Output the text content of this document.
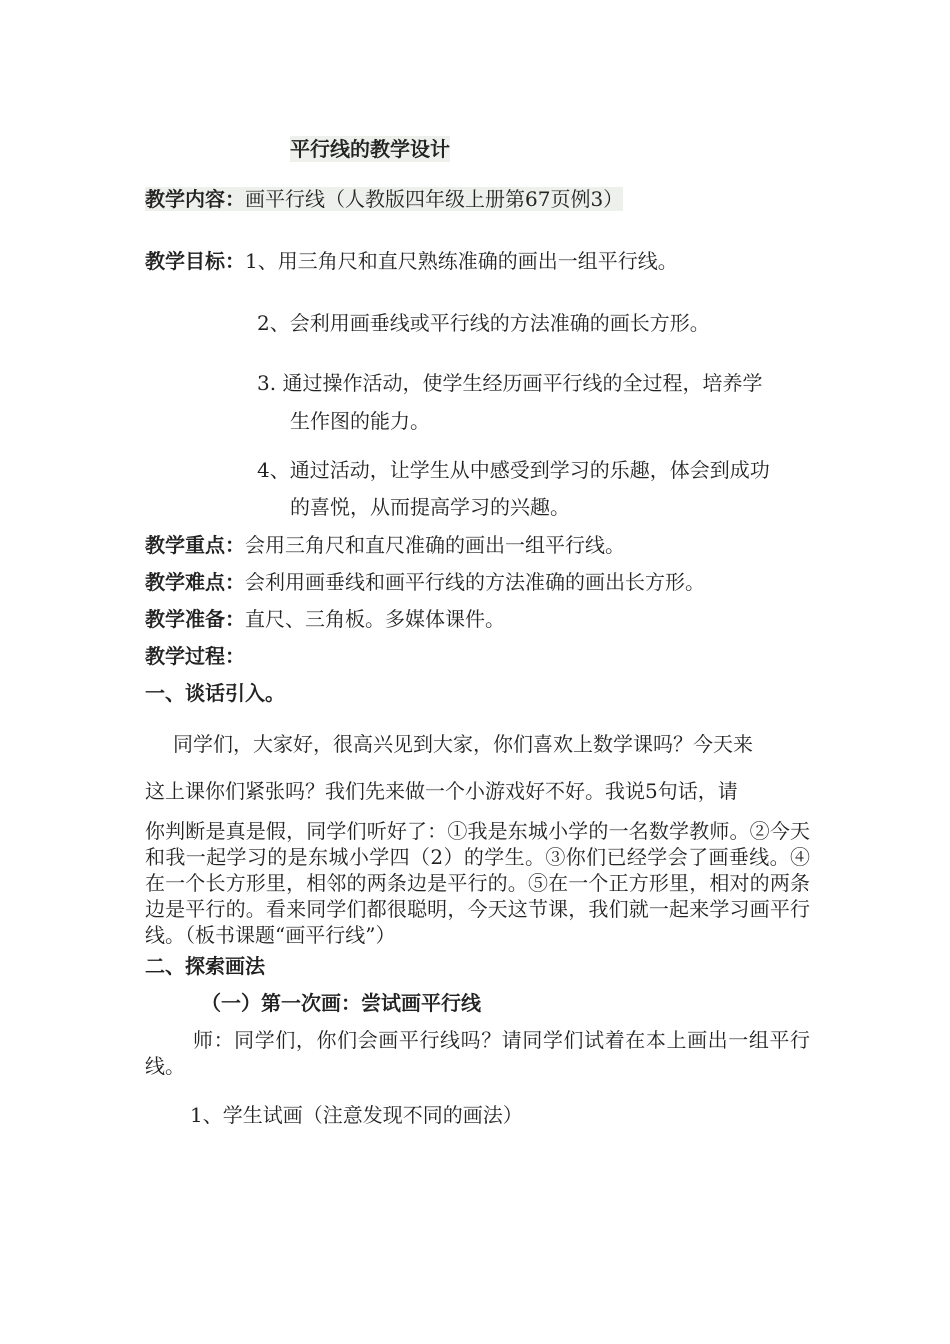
平行线的教学设计
教学内容：画平行线（人教版四年级上册第67页例3）
教学目标：1、用三角尺和直尺熟练准确的画出一组平行线。
2、会利用画垂线或平行线的方法准确的画长方形。
3. 通过操作活动，使学生经历画平行线的全过程，培养学
生作图的能力。
4、通过活动，让学生从中感受到学习的乐趣，体会到成功
的喜悦，从而提高学习的兴趣。
教学重点：会用三角尺和直尺准确的画出一组平行线。
教学难点：会利用画垂线和画平行线的方法准确的画出长方形。
教学准备：直尺、三角板。多媒体课件。
教学过程：
一、谈话引入。
同学们，大家好，很高兴见到大家，你们喜欢上数学课吗？今天来
这上课你们紧张吗？我们先来做一个小游戏好不好。我说5句话，请
你判断是真是假，同学们听好了：①我是东城小学的一名数学教师。②今天和我一起学习的是东城小学四（2）的学生。③你们已经学会了画垂线。④在一个长方形里，相邻的两条边是平行的。⑤在一个正方形里，相对的两条边是平行的。看来同学们都很聪明，今天这节课，我们就一起来学习画平行线。（板书课题“画平行线”）
二、探索画法
（一）第一次画：尝试画平行线
师：同学们，你们会画平行线吗？请同学们试着在本上画出一组平行线。
1、学生试画（注意发现不同的画法）
